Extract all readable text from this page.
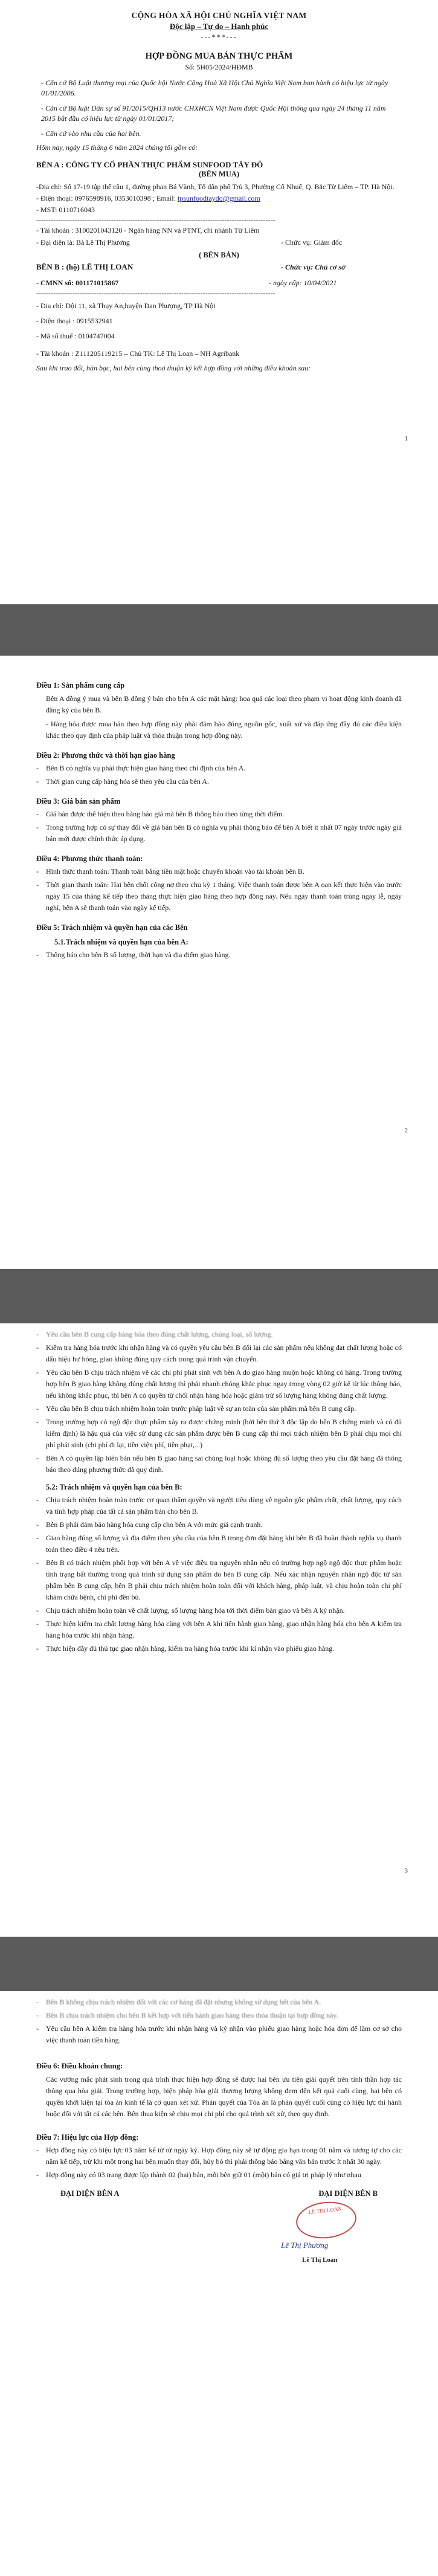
CỘNG HÒA XÃ HỘI CHỦ NGHĨA VIỆT NAM
Độc lập – Tự do – Hạnh phúc
---***---
HỢP ĐỒNG MUA BÁN THỰC PHẨM
Số: 5H05/2024/HĐMB

- Căn cứ Bộ Luật thương mại của Quốc hội Nước Cộng Hoà Xã Hội Chủ Nghĩa Việt Nam ban hành có hiệu lực từ ngày 01/01/2006.

- Căn cứ Bộ luật Dân sự số 91/2015/QH13 nước CHXHCN Việt Nam được Quốc Hội thông qua ngày 24 tháng 11 năm 2015 bắt đầu có hiệu lực từ ngày 01/01/2017;

- Căn cứ vào nhu cầu của hai bên.

Hôm nay, ngày 15 tháng 6 năm 2024 chúng tôi gồm có:

BÊN A : CÔNG TY CỔ PHẦN THỰC PHẨM SUNFOOD TÂY ĐÔ

(BÊN MUA)

-Địa chỉ: Số 17-19 tập thể cầu 1, đường phan Bá Vành, Tổ dân phố Trù 3, Phường Cổ Nhuế, Q. Bắc Từ Liêm – TP. Hà Nội.

- Điện thoại: 0976598916, 0353010398 ; Email: tpsunfoodtaydo@gmail.com

- MST: 0110716043

---------------------------------------------------------------------------------------------------

- Tài khoản : 3100201043120 - Ngân hàng NN và PTNT, chi nhánh Từ Liêm

- Đại diện là: Bà Lê Thị Phương	- Chức vụ: Giám đốc

( BÊN BÁN)

BÊN B : (hộ) LÊ THỊ LOAN	- Chức vụ: Chủ cơ sở
- CMNN số: 001171015867	- ngày cấp: 10/04/2021

---------------------------------------------------------------------------------------------------

- Địa chỉ: Đội 11, xã Thụy An,huyện Đan Phượng, TP Hà Nội

- Điện thoại : 0915532941

- Mã số thuế : 0104747004

- Tài khoản : Z111205119215 – Chủ TK: Lê Thị Loan – NH Agribank

Sau khi trao đổi, bàn bạc, hai bên cùng thoả thuận ký kết hợp đồng với những điều khoản sau:

1

Điều 1: Sản phẩm cung cấp

Bên A đồng ý mua và bên B đồng ý bán cho bên A các mặt hàng: hoa quả các loại theo phạm vi hoạt động kinh doanh đã đăng ký của bên B.

- Hàng hóa được mua bán theo hợp đồng này phải đảm bảo đúng nguồn gốc, xuất xứ và đáp ứng đầy đủ các điều kiện khác theo quy định của pháp luật và thỏa thuận trong hợp đồng này.

Điều 2: Phương thức và thời hạn giao hàng

-	Bên B có nghĩa vụ phải thực hiện giao hàng theo chỉ định của bên A.
-	Thời gian cung cấp hàng hóa sẽ theo yêu cầu của bên A.

Điều 3: Giá bán sản phẩm

-	Giá bán được thể hiện theo bảng báo giá mà bên B thông báo theo từng thời điểm.
-	Trong trường hợp có sự thay đổi về giá bán bên B có nghĩa vụ phải thông báo để bên A biết ít nhất 07 ngày trước ngày giá bán mới được chính thức áp dụng.

Điều 4: Phương thức thanh toán:

-	Hình thức thanh toán: Thanh toán bằng tiền mặt hoặc chuyển khoản vào tài khoản bên B.
-	Thời gian thanh toán: Hai bên chốt công nợ theo chu kỳ 1 tháng. Việc thanh toán được bên A oan kết thực hiện vào trước ngày 15 của tháng kế tiếp theo tháng thực hiện giao hàng theo hợp đồng này. Nếu ngày thanh toán trùng ngày lễ, ngày nghỉ, bên A sẽ thanh toán vào ngày kế tiếp.

Điều 5: Trách nhiệm và quyền hạn của các Bên

5.1.Trách nhiệm và quyền hạn của bên A:

-	Thông báo cho bên B số lượng, thời hạn và địa điểm giao hàng.
2
-	Yêu cầu bên B cung cấp hàng hóa theo đúng chất lượng, chủng loại, số lượng.
-	Kiểm tra hàng hóa trước khi nhận hàng và có quyền yêu cầu bên B đổi lại các sản phẩm nếu không đạt chất lượng hoặc có dấu hiệu hư hỏng, giao không đúng quy cách trong quá trình vận chuyển.
-	Yêu cầu bên B chịu trách nhiệm về các chi phí phát sinh với bên A do giao hàng muộn hoặc không có hàng. Trong trường hợp bên B giao hàng không đúng chất lượng thì phải nhanh chóng khắc phục ngay trong vòng 02 giờ kể từ lúc thông báo, nếu không khắc phục, thì bên A có quyền từ chối nhận hàng hóa hoặc giảm trừ số lượng hàng không đúng chất lượng.
-	Yêu cầu bên B chịu trách nhiệm hoàn toàn trước pháp luật về sự an toàn của sản phẩm mà bên B cung cấp.
-	Trong trường hợp có ngộ độc thực phẩm xảy ra được chứng minh (bởi bên thứ 3 độc lập do bên B chứng minh và có đủ kiểm định) là hậu quả của việc sử dụng các sản phẩm được bên B cung cấp thì mọi trách nhiệm bên B phải chịu mọi chi phí phát sinh (chi phí đi lại, tiền viện phí, tiền phạt,...)
-	Bên A có quyền lập biên bản nếu bên B giao hàng sai chủng loại hoặc không đủ số lượng theo yêu cầu đặt hàng đã thông báo theo đúng phương thức đã quy định.

5.2: Trách nhiệm và quyền hạn của bên B:

-	Chịu trách nhiệm hoàn toàn trước cơ quan thẩm quyền và người tiêu dùng về nguồn gốc phẩm chất, chất lượng, quy cách và tính hợp pháp của tất cả sản phẩm bán cho bên B.
-	Bên B phải đảm bảo hàng hóa cung cấp cho bên A với mức giá cạnh tranh.
-	Giao hàng đúng số lượng và địa điểm theo yêu cầu của bên B trong đơn đặt hàng khi bên B đã hoàn thành nghĩa vụ thanh toán theo điều 4 nêu trên.
-	Bên B có trách nhiệm phối hợp với bên A về việc điều tra nguyên nhân nếu có trường hợp ngộ ngộ độc thực phẩm hoặc tình trạng bất thường trong quá trình sử dụng sản phẩm do bên B cung cấp. Nếu xác nhận nguyên nhân ngộ độc từ sản phẩm bên B cung cấp, bên B phải chịu trách nhiệm hoàn toàn đối với khách hàng, pháp luật, và chịu hoàn toàn chi phí khám chữa bệnh, chi phí đền bù.
-	Chịu trách nhiệm hoàn toàn về chất lượng, số lượng hàng hóa tới thời điểm bàn giao và bên A ký nhận.
-	Thực hiện kiểm tra chất lượng hàng hóa cùng với bên A khi tiến hành giao hàng, giao nhận hàng hóa cho bên A kiểm tra hàng hóa trước khi nhận hàng.
-	Thực hiện đầy đủ thủ tục giao nhận hàng, kiểm tra hàng hóa trước khi kí nhận vào phiếu giao hàng.
3
-	Bên B không chịu trách nhiệm đối với các cơ hàng đã đặt nhưng không sử dụng hết của bên A.
-	Bên B chịu trách nhiệm cho bên B kết hợp với tiến hành giao hàng theo thỏa thuận tại hợp đồng này.
-	Yêu cầu bên A kiểm tra hàng hóa trước khi nhận hàng và ký nhận vào phiếu giao hàng hoặc hóa đơn để làm cơ sở cho việc thanh toán tiền hàng.

Điều 6: Điều khoản chung:

Các vướng mắc phát sinh trong quá trình thực hiện hợp đồng sẽ được hai bên ưu tiên giải quyết trên tinh thần hợp tác thông qua hòa giải. Trong trường hợp, biện pháp hòa giải thương lượng không đem đến kết quả cuối cùng, hai bên có quyền khởi kiện tại tòa án kinh tế là cơ quan xét xử. Phán quyết của Tòa án là phán quyết cuối cùng có hiệu lực thi hành buộc đối với tất cả các bên. Bên thua kiện sẽ chịu mọi chi phí cho quá trình xét xử, theo quy định.

Điều 7: Hiệu lực của Hợp đồng:

-	Hợp đồng này có hiệu lực 03 năm kể từ từ ngày ký. Hợp đồng này sẽ tự động gia hạn trong 01 năm và tương tự cho các năm kế tiếp, trừ khi một trong hai bên muốn thay đổi, hủy bỏ thì phải thông báo bằng văn bản trước ít nhất 30 ngày.
-	Hợp đồng này có 03 trang được lập thành 02 (hai) bản, mỗi bên giữ 01 (một) bản có giá trị pháp lý như nhau
ĐẠI DIỆN BÊN A	ĐẠI DIỆN BÊN B
LÊ THỊ LOAN
Lê Thị Loan
Lê Thị Phương
